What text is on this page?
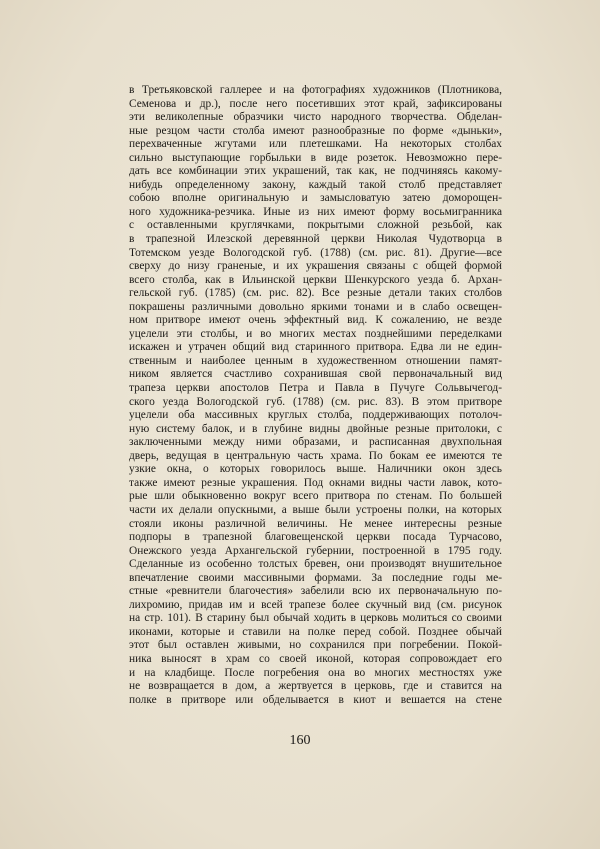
в Третьяковской галлерее и на фотографиях художников (Плотникова,
Семенова и др.), после него посетивших этот край, зафиксированы
эти великолепные образчики чисто народного творчества. Обделан-
ные резцом части столба имеют разнообразные по форме «дыньки»,
перехваченные жгутами или плетешками. На некоторых столбах
сильно выступающие горбыльки в виде розеток. Невозможно пере-
дать все комбинации этих украшений, так как, не подчиняясь какому-
нибудь определенному закону, каждый такой столб представляет
собою вполне оригинальную и замысловатую затею доморощен-
ного художника-резчика. Иные из них имеют форму восьмигранника
с оставленными круглячками, покрытыми сложной резьбой, как
в трапезной Илезской деревянной церкви Николая Чудотворца в
Тотемском уезде Вологодской губ. (1788) (см. рис. 81). Другие—все
сверху до низу граненые, и их украшения связаны с общей формой
всего столба, как в Ильинской церкви Шенкурского уезда б. Архан-
гельской губ. (1785) (см. рис. 82). Все резные детали таких столбов
покрашены различными довольно яркими тонами и в слабо освещен-
ном притворе имеют очень эффектный вид. К сожалению, не везде
уцелели эти столбы, и во многих местах позднейшими переделками
искажен и утрачен общий вид старинного притвора. Едва ли не един-
ственным и наиболее ценным в художественном отношении памят-
ником является счастливо сохранившая свой первоначальный вид
трапеза церкви апостолов Петра и Павла в Пучуге Сольвычегод-
ского уезда Вологодской губ. (1788) (см. рис. 83). В этом притворе
уцелели оба массивных круглых столба, поддерживающих потолоч-
ную систему балок, и в глубине видны двойные резные притолоки, с
заключенными между ними образами, и расписанная двухпольная
дверь, ведущая в центральную часть храма. По бокам ее имеются те
узкие окна, о которых говорилось выше. Наличники окон здесь
также имеют резные украшения. Под окнами видны части лавок, кото-
рые шли обыкновенно вокруг всего притвора по стенам. По большей
части их делали опускными, а выше были устроены полки, на которых
стояли иконы различной величины. Не менее интересны резные
подпоры в трапезной благовещенской церкви посада Турчасово,
Онежского уезда Архангельской губернии, построенной в 1795 году.
Сделанные из особенно толстых бревен, они производят внушительное
впечатление своими массивными формами. За последние годы ме-
стные «ревнители благочестия» забелили всю их первоначальную по-
лихромию, придав им и всей трапезе более скучный вид (см. рисунок
на стр. 101). В старину был обычай ходить в церковь молиться со своими
иконами, которые и ставили на полке перед собой. Позднее обычай
этот был оставлен живыми, но сохранился при погребении. Покой-
ника выносят в храм со своей иконой, которая сопровождает его
и на кладбище. После погребения она во многих местностях уже
не возвращается в дом, а жертвуется в церковь, где и ставится на
полке в притворе или обделывается в киот и вешается на стене
160
